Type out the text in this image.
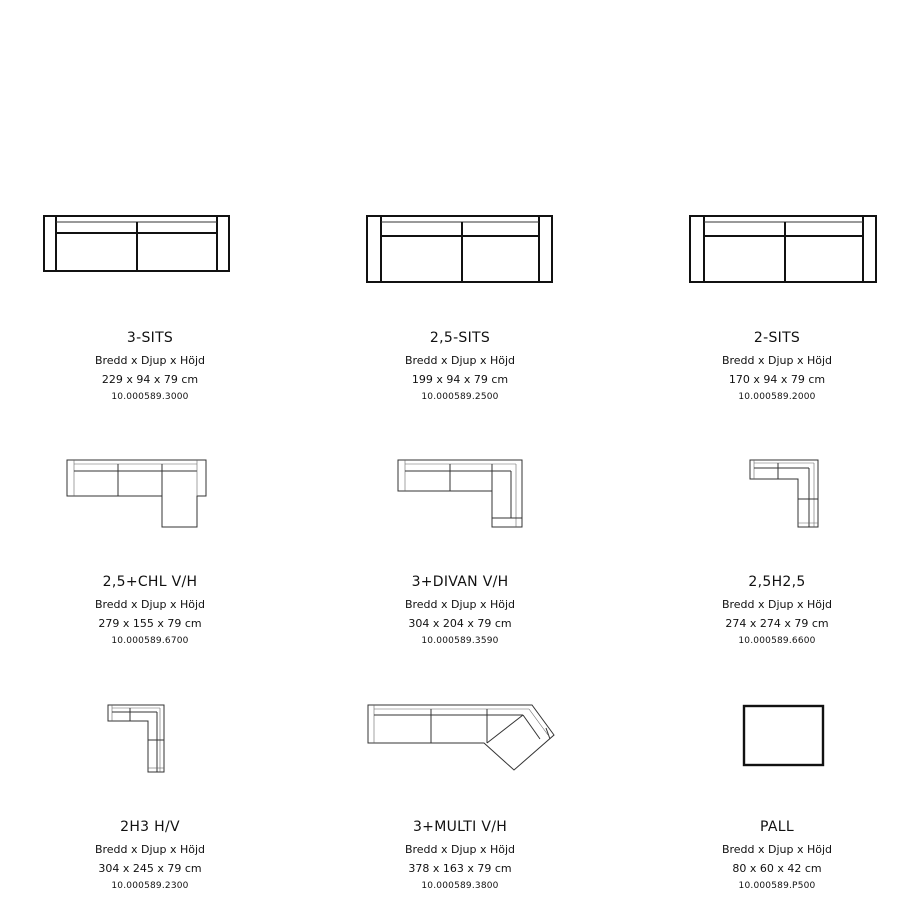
3-SITS
Bredd x Djup x Höjd
229 x 94 x 79 cm
10.000589.3000
2,5-SITS
Bredd x Djup x Höjd
199 x 94 x 79 cm
10.000589.2500
2-SITS
Bredd x Djup x Höjd
170 x 94 x 79 cm
10.000589.2000
2,5+CHL V/H
Bredd x Djup x Höjd
279 x 155 x 79 cm
10.000589.6700
3+DIVAN V/H
Bredd x Djup x Höjd
304 x 204 x 79 cm
10.000589.3590
2,5H2,5
Bredd x Djup x Höjd
274 x 274 x 79 cm
10.000589.6600
2H3 H/V
Bredd x Djup x Höjd
304 x 245 x 79 cm
10.000589.2300
3+MULTI V/H
Bredd x Djup x Höjd
378 x 163 x 79 cm
10.000589.3800
PALL
Bredd x Djup x Höjd
80 x 60 x 42 cm
10.000589.P500
